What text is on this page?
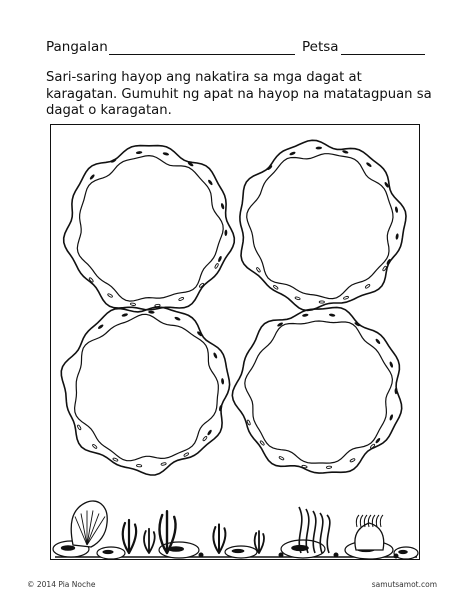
Pangalan	Petsa
Sari-saring hayop ang nakatira sa mga dagat at karagatan. Gumuhit ng apat na hayop na matatagpuan sa dagat o karagatan.
© 2014 Pia Noche	samutsamot.com
